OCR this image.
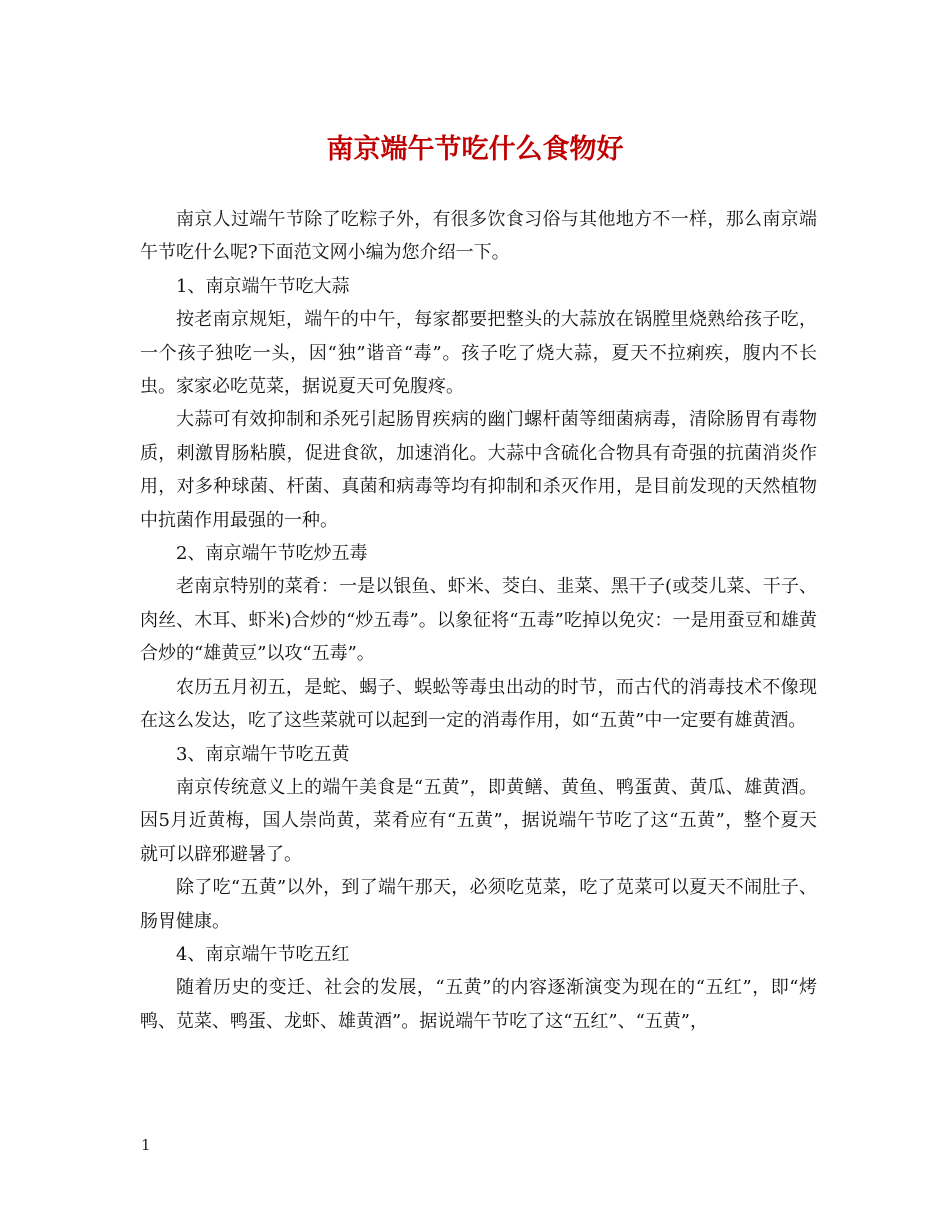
南京端午节吃什么食物好

南京人过端午节除了吃粽子外，有很多饮食习俗与其他地方不一样，那么南京端午节吃什么呢?下面范文网小编为您介绍一下。

1、南京端午节吃大蒜

按老南京规矩，端午的中午，每家都要把整头的大蒜放在锅膛里烧熟给孩子吃，一个孩子独吃一头，因“独”谐音“毒”。孩子吃了烧大蒜，夏天不拉痢疾，腹内不长虫。家家必吃苋菜，据说夏天可免腹疼。

大蒜可有效抑制和杀死引起肠胃疾病的幽门螺杆菌等细菌病毒，清除肠胃有毒物质，刺激胃肠粘膜，促进食欲，加速消化。大蒜中含硫化合物具有奇强的抗菌消炎作用，对多种球菌、杆菌、真菌和病毒等均有抑制和杀灭作用，是目前发现的天然植物中抗菌作用最强的一种。

2、南京端午节吃炒五毒

老南京特别的菜肴：一是以银鱼、虾米、茭白、韭菜、黑干子(或茭儿菜、干子、肉丝、木耳、虾米)合炒的“炒五毒”。以象征将“五毒”吃掉以免灾：一是用蚕豆和雄黄合炒的“雄黄豆”以攻“五毒”。

农历五月初五，是蛇、蝎子、蜈蚣等毒虫出动的时节，而古代的消毒技术不像现在这么发达，吃了这些菜就可以起到一定的消毒作用，如“五黄”中一定要有雄黄酒。

3、南京端午节吃五黄

南京传统意义上的端午美食是“五黄”，即黄鳝、黄鱼、鸭蛋黄、黄瓜、雄黄酒。因5月近黄梅，国人崇尚黄，菜肴应有“五黄”，据说端午节吃了这“五黄”，整个夏天就可以辟邪避暑了。

除了吃“五黄”以外，到了端午那天，必须吃苋菜，吃了苋菜可以夏天不闹肚子、肠胃健康。

4、南京端午节吃五红

随着历史的变迁、社会的发展，“五黄”的内容逐渐演变为现在的“五红”，即“烤鸭、苋菜、鸭蛋、龙虾、雄黄酒”。据说端午节吃了这“五红”、“五黄”，

1
